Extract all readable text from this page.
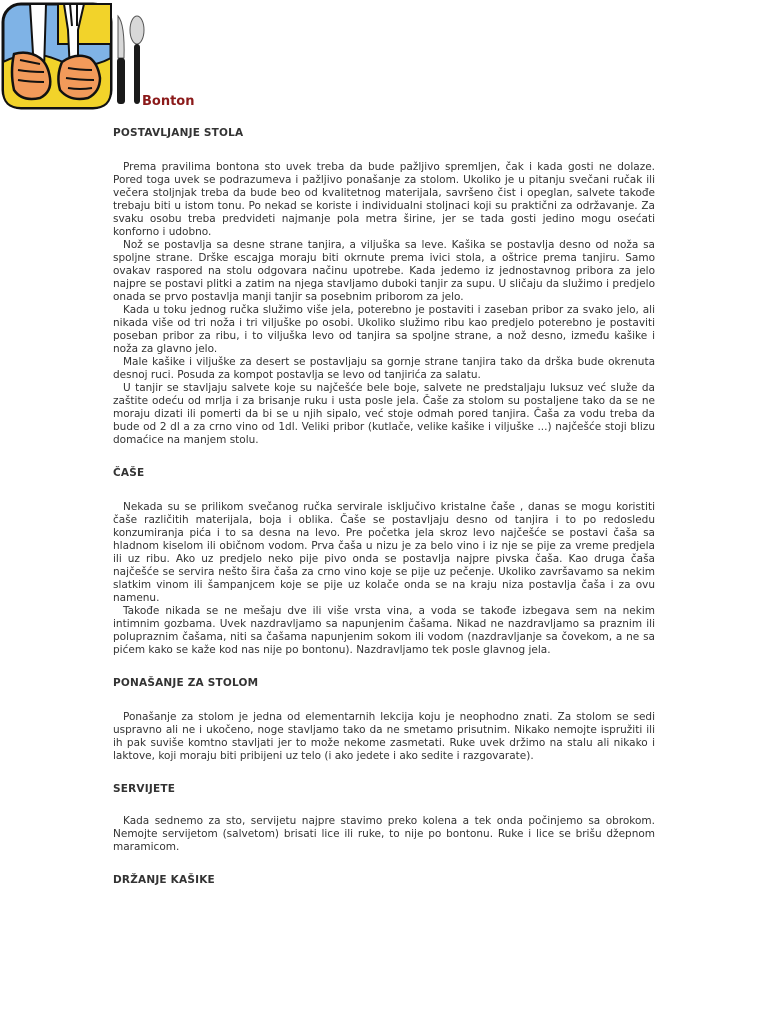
Bonton
POSTAVLJANJE STOLA

Prema pravilima bontona sto uvek treba da bude pažljivo spremljen, čak i kada gosti ne dolaze. Pored toga uvek se podrazumeva i pažljivo ponašanje za stolom. Ukoliko je u pitanju svečani ručak ili večera stoljnjak treba da bude beo od kvalitetnog materijala, savršeno čist i opeglan, salvete takođe trebaju biti u istom tonu. Po nekad se koriste i individualni stoljnaci koji su praktični za održavanje. Za svaku osobu treba predvideti najmanje pola metra širine, jer se tada gosti jedino mogu osećati konforno i udobno.

Nož se postavlja sa desne strane tanjira, a viljuška sa leve. Kašika se postavlja desno od noža sa spoljne strane. Drške escajga moraju biti okrnute prema ivici stola, a oštrice prema tanjiru. Samo ovakav raspored na stolu odgovara načinu upotrebe. Kada jedemo iz jednostavnog pribora za jelo najpre se postavi plitki a zatim na njega stavljamo duboki tanjir za supu. U sličaju da služimo i predjelo onada se prvo postavlja manji tanjir sa posebnim priborom za jelo.

Kada u toku jednog ručka služimo više jela, poterebno je postaviti i zaseban pribor za svako jelo, ali nikada više od tri noža i tri viljuške po osobi. Ukoliko služimo ribu kao predjelo poterebno je postaviti poseban pribor za ribu, i to viljuška levo od tanjira sa spoljne strane, a nož desno, između kašike i noža za glavno jelo.

Male kašike i viljuške za desert se postavljaju sa gornje strane tanjira tako da drška bude okrenuta desnoj ruci. Posuda za kompot postavlja se levo od tanjirića za salatu.

U tanjir se stavljaju salvete koje su najčešće bele boje, salvete ne predstaljaju luksuz već služe da zaštite odeću od mrlja i za brisanje ruku i usta posle jela. Čaše za stolom su postaljene tako da se ne moraju dizati ili pomerti da bi se u njih sipalo, već stoje odmah pored tanjira. Čaša za vodu treba da bude od 2 dl a za crno vino od 1dl. Veliki pribor (kutlače, velike kašike i viljuške ...) najčešće stoji blizu domaćice na manjem stolu.

ČAŠE

Nekada su se prilikom svečanog ručka servirale isključivo kristalne čaše , danas se mogu koristiti čaše različitih materijala, boja i oblika. Čaše se postavljaju desno od tanjira i to po redosledu konzumiranja pića i to sa desna na levo. Pre početka jela skroz levo najčešće se postavi čaša sa hladnom kiselom ili običnom vodom. Prva čaša u nizu je za belo vino i iz nje se pije za vreme predjela ili uz ribu. Ako uz predjelo neko pije pivo onda se postavlja najpre pivska čaša. Kao druga čaša najčešće se servira nešto šira čaša za crno vino koje se pije uz pečenje. Ukoliko završavamo sa nekim slatkim vinom ili šampanjcem koje se pije uz kolače onda se na kraju niza postavlja čaša i za ovu namenu.

Takođe nikada se ne mešaju dve ili više vrsta vina, a voda se takođe izbegava sem na nekim intimnim gozbama. Uvek nazdravljamo sa napunjenim čašama. Nikad ne nazdravljamo sa praznim ili polupraznim čašama, niti sa čašama napunjenim sokom ili vodom (nazdravljanje sa čovekom, a ne sa pićem kako se kaže kod nas nije po bontonu). Nazdravljamo tek posle glavnog jela.

PONAŠANJE ZA STOLOM

Ponašanje za stolom je jedna od elementarnih lekcija koju je neophodno znati. Za stolom se sedi uspravno ali ne i ukočeno, noge stavljamo tako da ne smetamo prisutnim. Nikako nemojte ispružiti ili ih pak suviše komtno stavljati jer to može nekome zasmetati. Ruke uvek držimo na stalu ali nikako i laktove, koji moraju biti pribijeni uz telo (i ako jedete i ako sedite i razgovarate).

SERVIJETE

Kada sednemo za sto, servijetu najpre stavimo preko kolena a tek onda počinjemo sa obrokom. Nemojte servijetom (salvetom) brisati lice ili ruke, to nije po bontonu. Ruke i lice se brišu džepnom maramicom.

DRŽANJE KAŠIKE
